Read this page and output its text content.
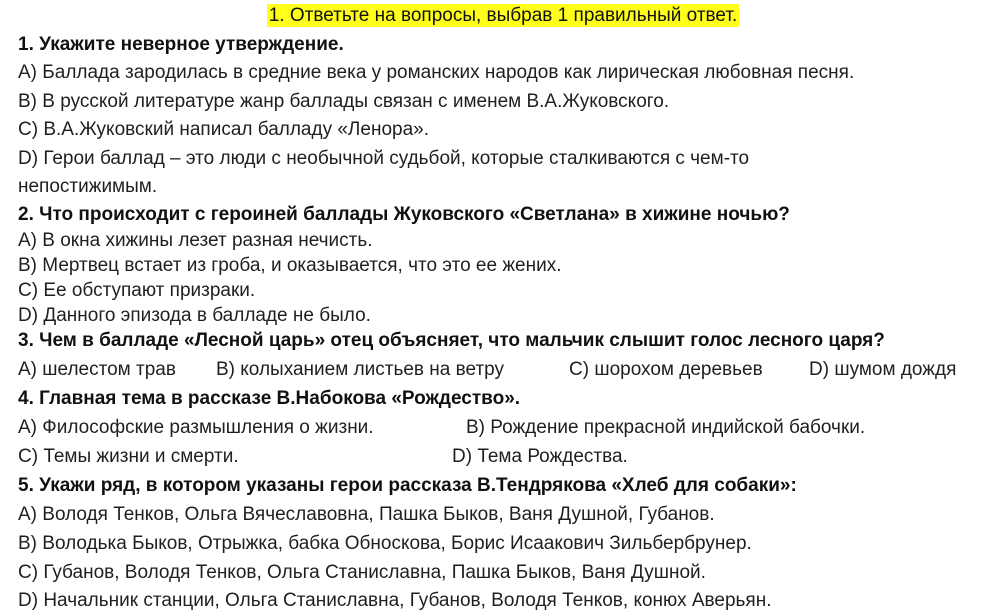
1. Ответьте на вопросы, выбрав 1 правильный ответ.
1. Укажите неверное утверждение.
A) Баллада зародилась в средние века у романских народов как лирическая любовная песня.
B) В русской литературе жанр баллады связан с именем В.А.Жуковского.
C) В.А.Жуковский написал балладу «Ленора».
D) Герои баллад – это люди с необычной судьбой, которые сталкиваются с чем-то
непостижимым.
2. Что происходит с героиней баллады Жуковского «Светлана» в хижине ночью?
A) В окна хижины лезет разная нечисть.
B) Мертвец встает из гроба, и оказывается, что это ее жених.
C) Ее обступают призраки.
D) Данного эпизода в балладе не было.
3. Чем в балладе «Лесной царь» отец объясняет, что мальчик слышит голос лесного царя?
A) шелестом трав B) колыханием листьев на ветру	C) шорохом деревьев D) шумом дождя
4. Главная тема в рассказе В.Набокова «Рождество».
A) Философские размышления о жизни.	B) Рождение прекрасной индийской бабочки.
C) Темы жизни и смерти.	D) Тема Рождества.
5. Укажи ряд, в котором указаны герои рассказа В.Тендрякова «Хлеб для собаки»:
A) Володя Тенков, Ольга Вячеславовна, Пашка Быков, Ваня Душной, Губанов.
B) Володька Быков, Отрыжка, бабка Обноскова, Борис Исаакович Зильбербрунер.
C) Губанов, Володя Тенков, Ольга Станиславна, Пашка Быков, Ваня Душной.
D) Начальник станции, Ольга Станиславна, Губанов, Володя Тенков, конюх Аверьян.
